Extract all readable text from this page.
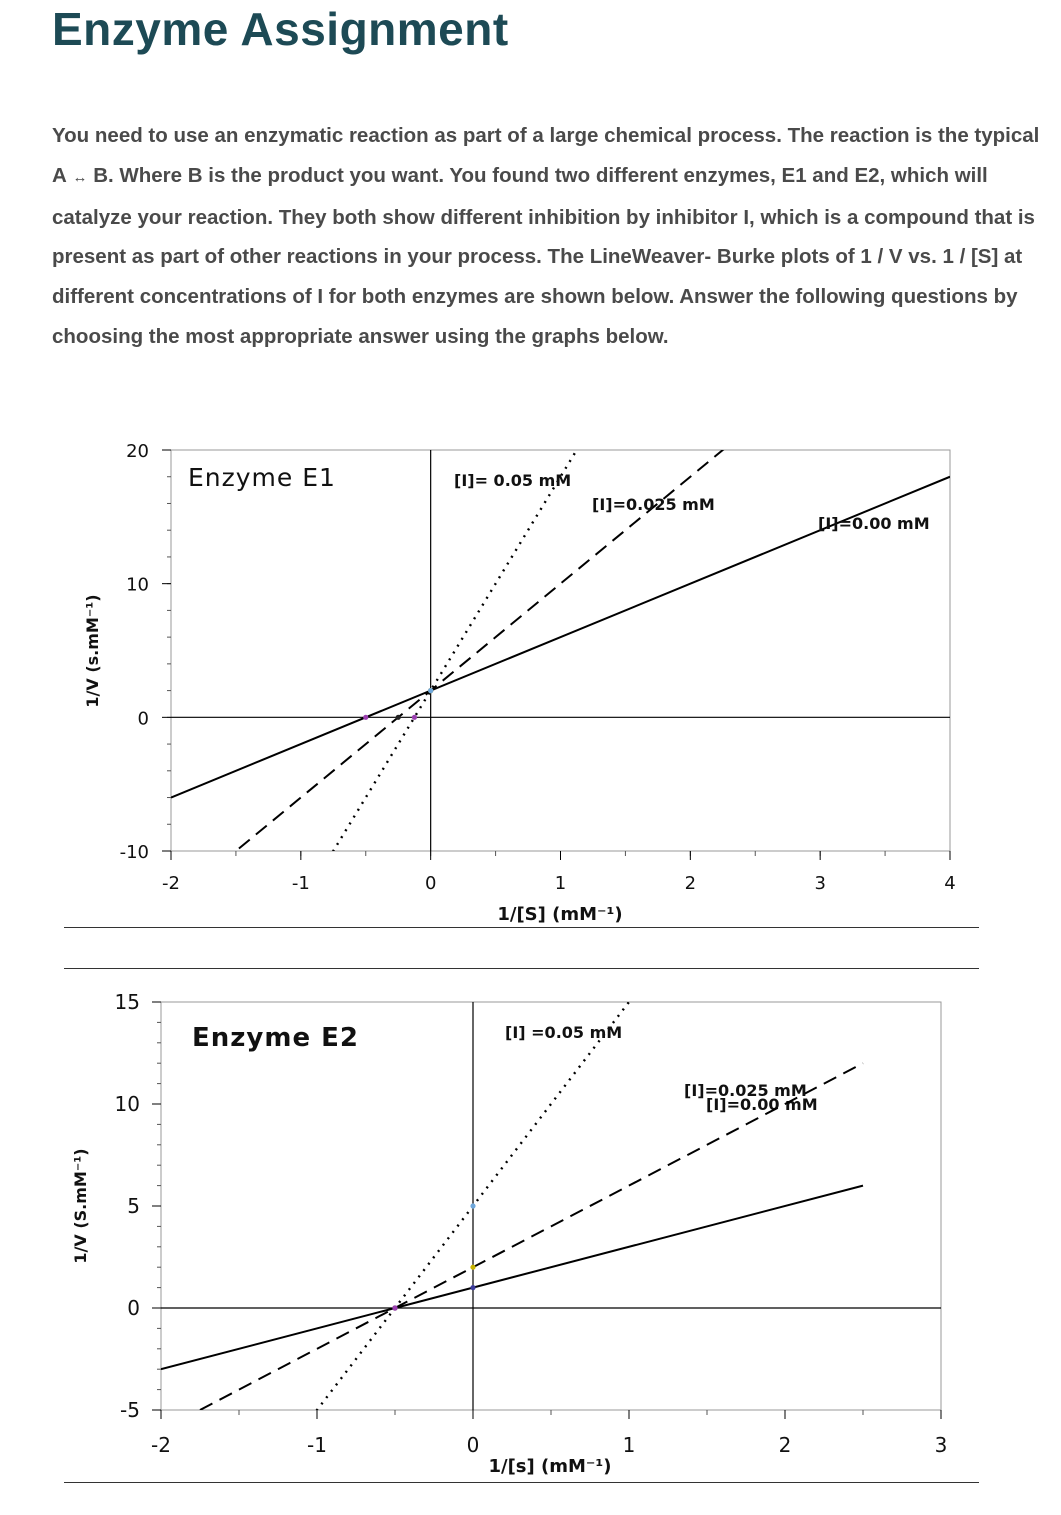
Enzyme Assignment

You need to use an enzymatic reaction as part of a large chemical process. The reaction is the typical A ↔ B. Where B is the product you want. You found two different enzymes, E1 and E2, which will catalyze your reaction. They both show different inhibition by inhibitor I, which is a compound that is present as part of other reactions in your process. The LineWeaver- Burke plots of 1 / V vs. 1 / [S] at different concentrations of I for both enzymes are shown below. Answer the following questions by choosing the most appropriate answer using the graphs below.

-10
0
10
20
-2	-1	0	1	2	3	4
[I]=0.00 mM
[I]=0.025 mM
[I]= 0.05 mM
Enzyme E1
1/[S] (mM⁻¹)
1/V (s.mM⁻¹)
-5
0
5
10
15
-2	-1	0	1	2	3
[I]=0.00 mM
[I]=0.025 mM
[I] =0.05 mM
Enzyme E2
1/[s] (mM⁻¹)
1/V (S.mM⁻¹)
